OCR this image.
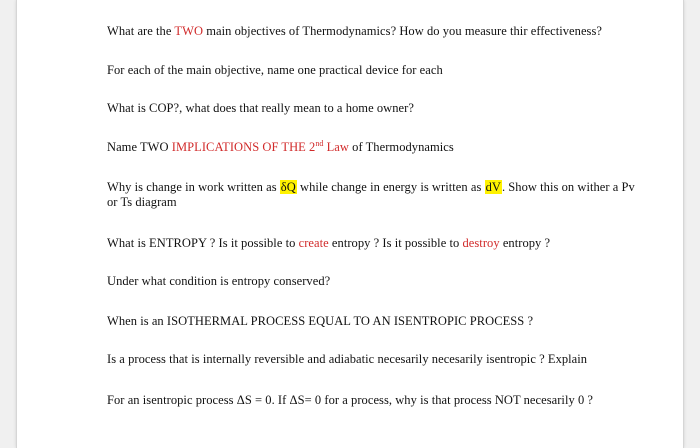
What are the TWO main objectives of Thermodynamics? How do you measure thir effectiveness?
For each of the main objective, name one practical device for each
What is COP?, what does that really mean to a home owner?
Name TWO IMPLICATIONS OF THE 2nd Law of Thermodynamics
Why is change in work written as δQ while change in energy is written as dV. Show this on wither a Pv or Ts diagram
What is ENTROPY ? Is it possible to create entropy ? Is it possible to destroy entropy ?
Under what condition is entropy conserved?
When is an ISOTHERMAL PROCESS EQUAL TO AN ISENTROPIC PROCESS ?
Is a process that is internally reversible and adiabatic necesarily necesarily isentropic ? Explain
For an isentropic process ΔS = 0. If ΔS= 0 for a process, why is that process NOT necesarily 0 ?
